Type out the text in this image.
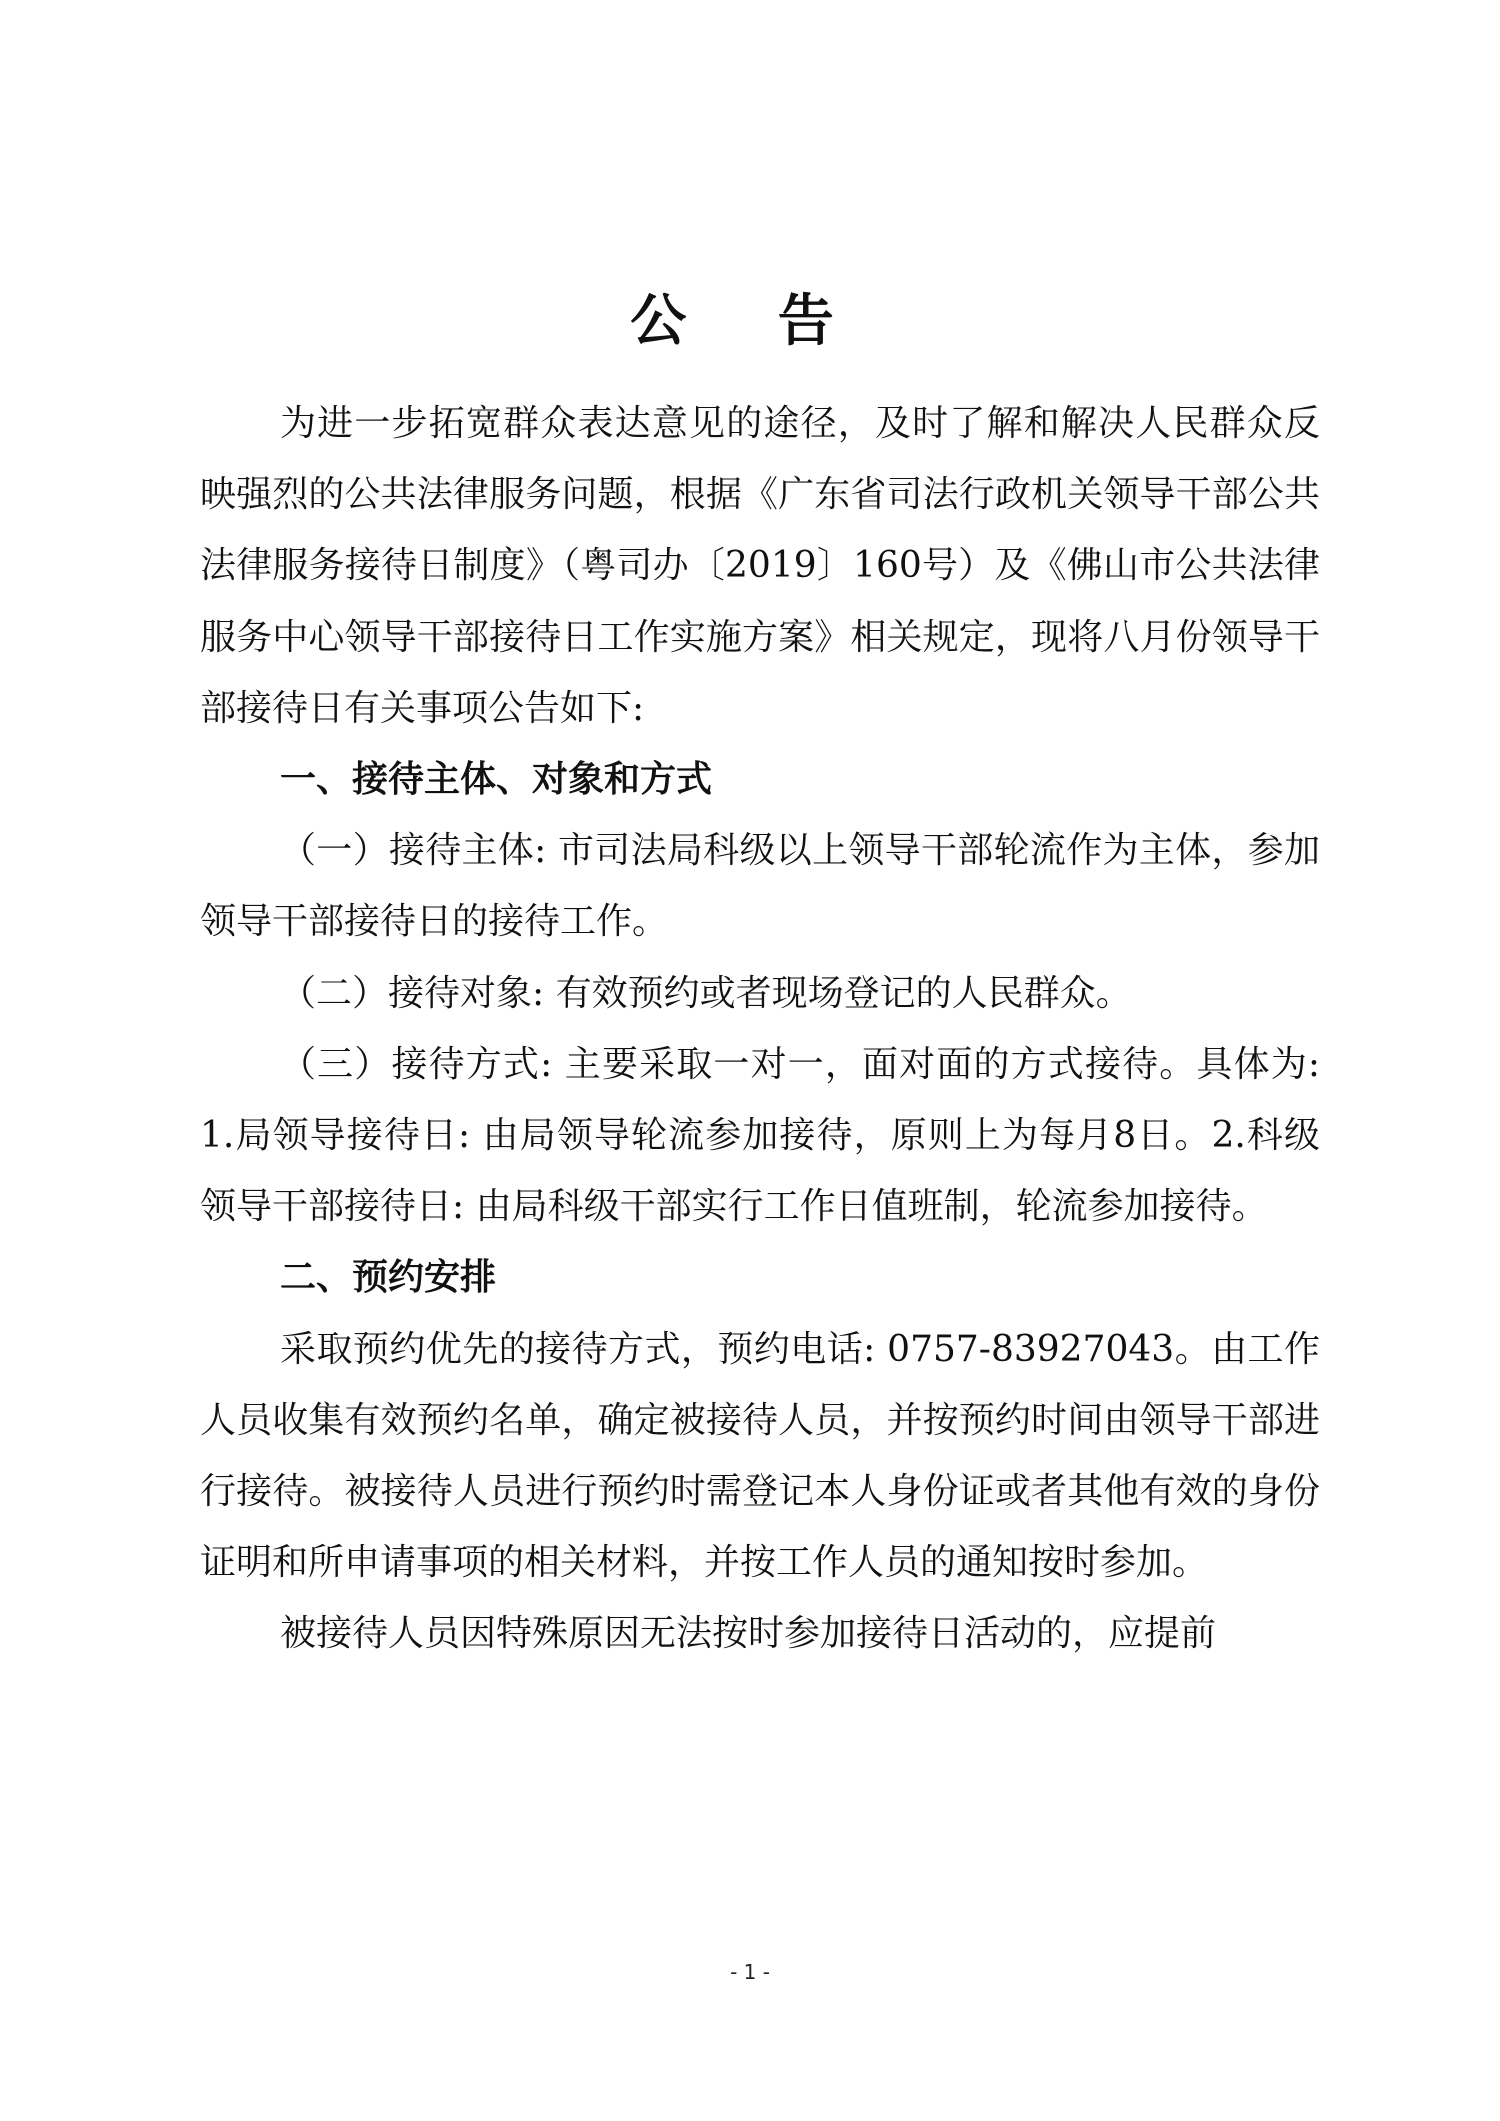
公 告

为进一步拓宽群众表达意见的途径，及时了解和解决人民群众反映强烈的公共法律服务问题，根据《广东省司法行政机关领导干部公共法律服务接待日制度》（粤司办〔2019〕160号）及《佛山市公共法律服务中心领导干部接待日工作实施方案》相关规定，现将八月份领导干部接待日有关事项公告如下:

一、接待主体、对象和方式

（一）接待主体: 市司法局科级以上领导干部轮流作为主体，参加领导干部接待日的接待工作。

（二）接待对象: 有效预约或者现场登记的人民群众。

（三）接待方式: 主要采取一对一，面对面的方式接待。具体为: 1.局领导接待日: 由局领导轮流参加接待，原则上为每月8日。2.科级领导干部接待日: 由局科级干部实行工作日值班制，轮流参加接待。

二、预约安排

采取预约优先的接待方式，预约电话: 0757-83927043。由工作人员收集有效预约名单，确定被接待人员，并按预约时间由领导干部进行接待。被接待人员进行预约时需登记本人身份证或者其他有效的身份证明和所申请事项的相关材料，并按工作人员的通知按时参加。

被接待人员因特殊原因无法按时参加接待日活动的，应提前

- 1 -
